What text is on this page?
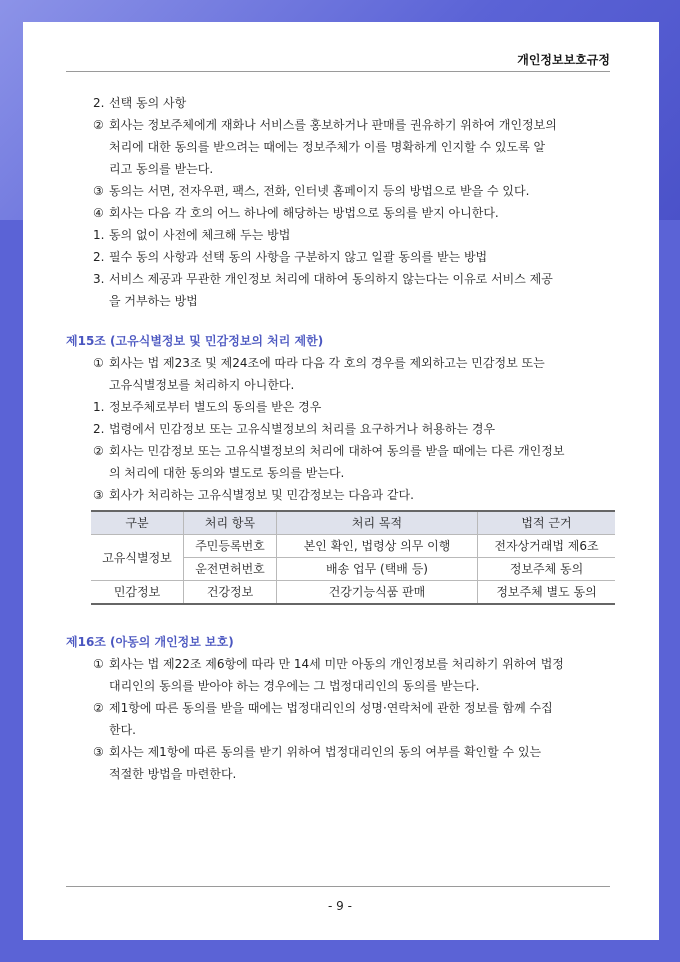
개인정보보호규정
2. 선택 동의 사항
② 회사는 정보주체에게 재화나 서비스를 홍보하거나 판매를 권유하기 위하여 개인정보의
처리에 대한 동의를 받으려는 때에는 정보주체가 이를 명확하게 인지할 수 있도록 알
리고 동의를 받는다.
③ 동의는 서면, 전자우편, 팩스, 전화, 인터넷 홈페이지 등의 방법으로 받을 수 있다.
④ 회사는 다음 각 호의 어느 하나에 해당하는 방법으로 동의를 받지 아니한다.
1. 동의 없이 사전에 체크해 두는 방법
2. 필수 동의 사항과 선택 동의 사항을 구분하지 않고 일괄 동의를 받는 방법
3. 서비스 제공과 무관한 개인정보 처리에 대하여 동의하지 않는다는 이유로 서비스 제공
을 거부하는 방법
제15조 (고유식별정보 및 민감정보의 처리 제한)
① 회사는 법 제23조 및 제24조에 따라 다음 각 호의 경우를 제외하고는 민감정보 또는
고유식별정보를 처리하지 아니한다.
1. 정보주체로부터 별도의 동의를 받은 경우
2. 법령에서 민감정보 또는 고유식별정보의 처리를 요구하거나 허용하는 경우
② 회사는 민감정보 또는 고유식별정보의 처리에 대하여 동의를 받을 때에는 다른 개인정보
의 처리에 대한 동의와 별도로 동의를 받는다.
③ 회사가 처리하는 고유식별정보 및 민감정보는 다음과 같다.
구분	처리 항목	처리 목적	법적 근거
고유식별정보	주민등록번호	본인 확인, 법령상 의무 이행	전자상거래법 제6조
	운전면허번호	배송 업무 (택배 등)	정보주체 동의
민감정보	건강정보	건강기능식품 판매	정보주체 별도 동의
제16조 (아동의 개인정보 보호)
① 회사는 법 제22조 제6항에 따라 만 14세 미만 아동의 개인정보를 처리하기 위하여 법정
대리인의 동의를 받아야 하는 경우에는 그 법정대리인의 동의를 받는다.
② 제1항에 따른 동의를 받을 때에는 법정대리인의 성명·연락처에 관한 정보를 함께 수집
한다.
③ 회사는 제1항에 따른 동의를 받기 위하여 법정대리인의 동의 여부를 확인할 수 있는
적절한 방법을 마련한다.
- 9 -
